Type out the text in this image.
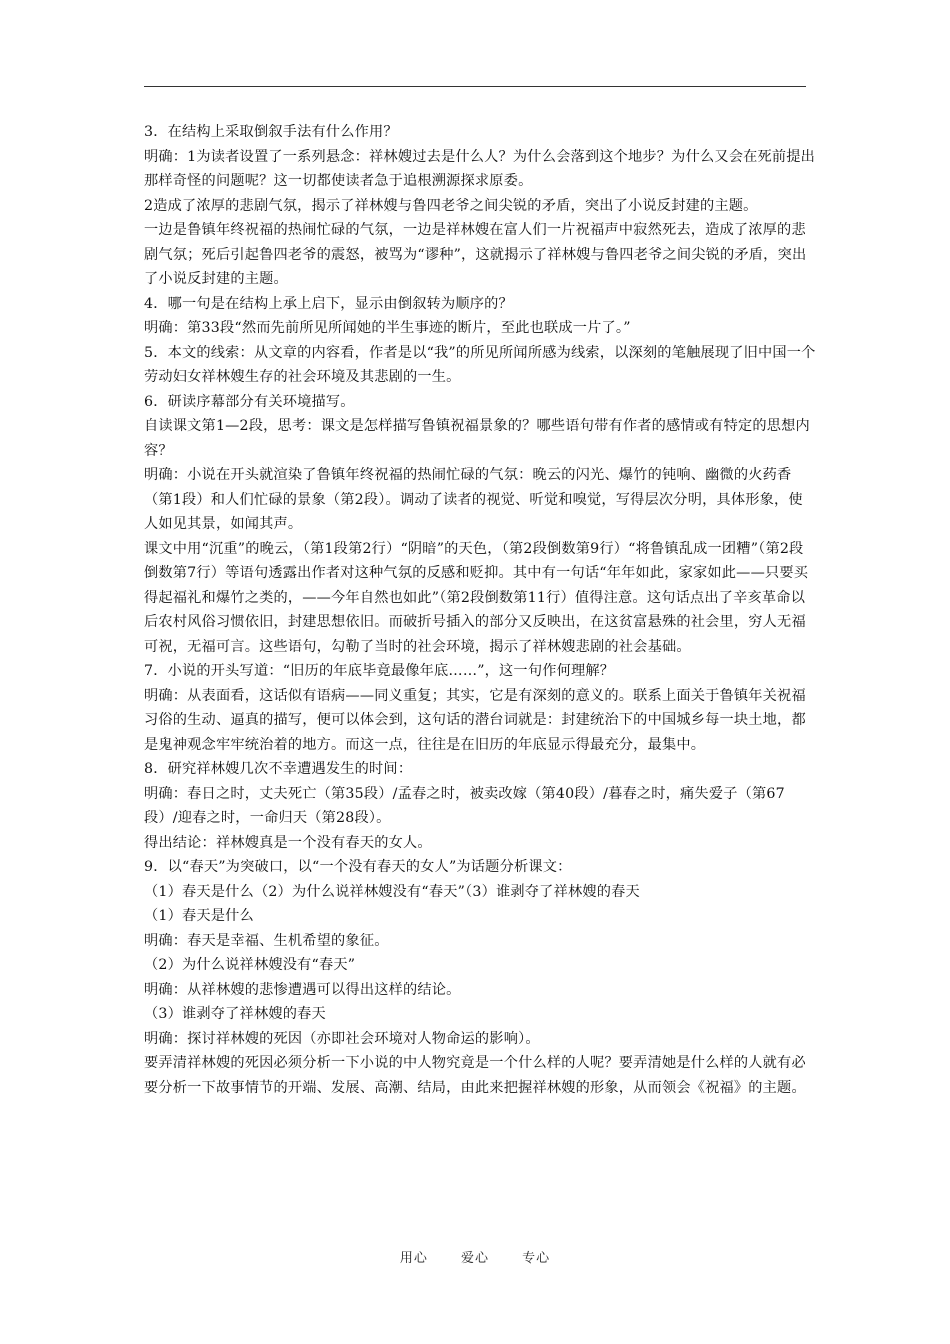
3．在结构上采取倒叙手法有什么作用？

明确：1为读者设置了一系列悬念：祥林嫂过去是什么人？为什么会落到这个地步？为什么又会在死前提出那样奇怪的问题呢？这一切都使读者急于追根溯源探求原委。

2造成了浓厚的悲剧气氛，揭示了祥林嫂与鲁四老爷之间尖锐的矛盾，突出了小说反封建的主题。

一边是鲁镇年终祝福的热闹忙碌的气氛，一边是祥林嫂在富人们一片祝福声中寂然死去，造成了浓厚的悲剧气氛；死后引起鲁四老爷的震怒，被骂为“谬种”，这就揭示了祥林嫂与鲁四老爷之间尖锐的矛盾，突出了小说反封建的主题。

4．哪一句是在结构上承上启下，显示由倒叙转为顺序的？

明确：第33段“然而先前所见所闻她的半生事迹的断片，至此也联成一片了。”

5．本文的线索：从文章的内容看，作者是以“我”的所见所闻所感为线索，以深刻的笔触展现了旧中国一个劳动妇女祥林嫂生存的社会环境及其悲剧的一生。

6．研读序幕部分有关环境描写。

自读课文第1—2段，思考：课文是怎样描写鲁镇祝福景象的？哪些语句带有作者的感情或有特定的思想内容？

明确：小说在开头就渲染了鲁镇年终祝福的热闹忙碌的气氛：晚云的闪光、爆竹的钝响、幽微的火药香（第1段）和人们忙碌的景象（第2段）。调动了读者的视觉、听觉和嗅觉，写得层次分明，具体形象，使人如见其景，如闻其声。

课文中用“沉重”的晚云，（第1段第2行）“阴暗”的天色，（第2段倒数第9行）“将鲁镇乱成一团糟”（第2段倒数第7行）等语句透露出作者对这种气氛的反感和贬抑。其中有一句话“年年如此，家家如此——只要买得起福礼和爆竹之类的，——今年自然也如此”（第2段倒数第11行）值得注意。这句话点出了辛亥革命以后农村风俗习惯依旧，封建思想依旧。而破折号插入的部分又反映出，在这贫富悬殊的社会里，穷人无福可祝，无福可言。这些语句，勾勒了当时的社会环境，揭示了祥林嫂悲剧的社会基础。

7．小说的开头写道：“旧历的年底毕竟最像年底……”，这一句作何理解？

明确：从表面看，这话似有语病——同义重复；其实，它是有深刻的意义的。联系上面关于鲁镇年关祝福习俗的生动、逼真的描写，便可以体会到，这句话的潜台词就是：封建统治下的中国城乡每一块土地，都是鬼神观念牢牢统治着的地方。而这一点，往往是在旧历的年底显示得最充分，最集中。

8．研究祥林嫂几次不幸遭遇发生的时间：

明确：春日之时，丈夫死亡（第35段）/孟春之时，被卖改嫁（第40段）/暮春之时，痛失爱子（第67段）/迎春之时，一命归天（第28段）。

得出结论：祥林嫂真是一个没有春天的女人。

9．以“春天”为突破口，以“一个没有春天的女人”为话题分析课文：

（1）春天是什么（2）为什么说祥林嫂没有“春天”（3）谁剥夺了祥林嫂的春天

（1）春天是什么

明确：春天是幸福、生机希望的象征。

（2）为什么说祥林嫂没有“春天”

明确：从祥林嫂的悲惨遭遇可以得出这样的结论。

（3）谁剥夺了祥林嫂的春天

明确：探讨祥林嫂的死因（亦即社会环境对人物命运的影响）。

要弄清祥林嫂的死因必须分析一下小说的中人物究竟是一个什么样的人呢？要弄清她是什么样的人就有必要分析一下故事情节的开端、发展、高潮、结局，由此来把握祥林嫂的形象，从而领会《祝福》的主题。

用心	爱心	专心
